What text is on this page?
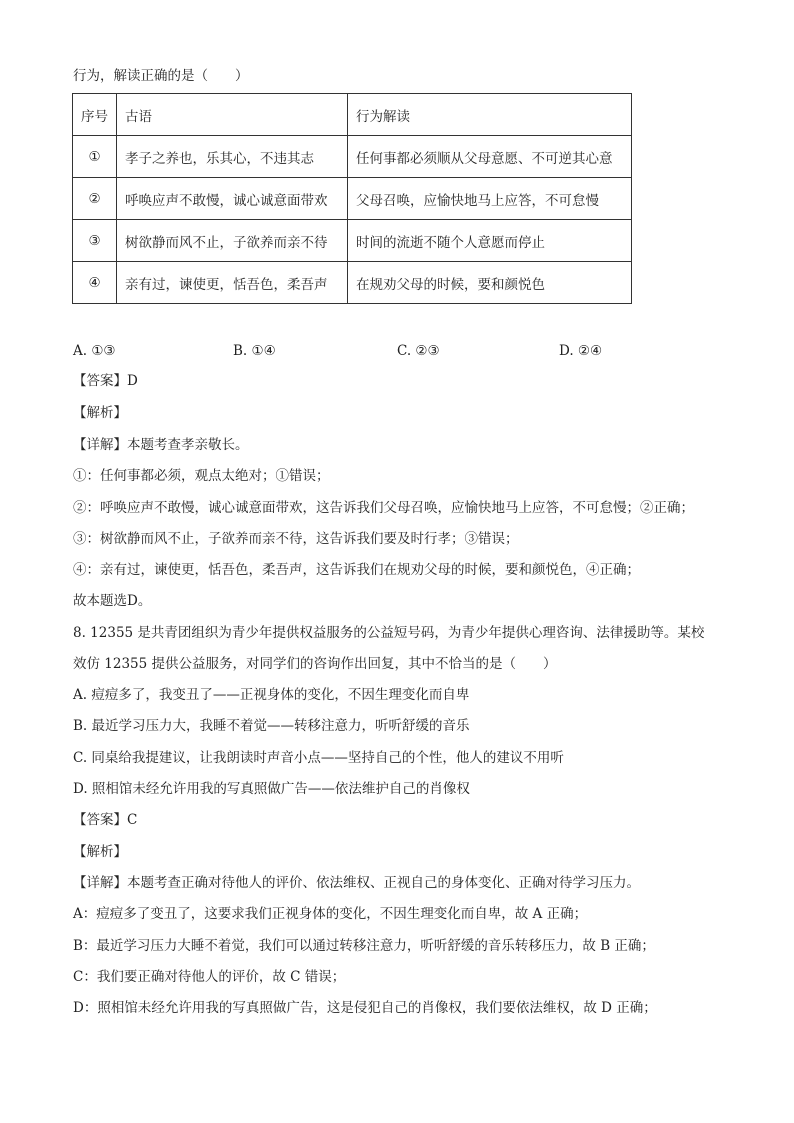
行为，解读正确的是（　　）
序号	古语	行为解读
①	孝子之养也，乐其心，不违其志	任何事都必须顺从父母意愿、不可逆其心意
②	呼唤应声不敢慢，诚心诚意面带欢	父母召唤，应愉快地马上应答，不可怠慢
③	树欲静而风不止，子欲养而亲不待	时间的流逝不随个人意愿而停止
④	亲有过，谏使更，恬吾色，柔吾声	在规劝父母的时候，要和颜悦色
A. ①③	B. ①④	C. ②③	D. ②④
【答案】D
【解析】
【详解】本题考查孝亲敬长。
①：任何事都必须，观点太绝对；①错误；
②：呼唤应声不敢慢，诚心诚意面带欢，这告诉我们父母召唤，应愉快地马上应答，不可怠慢；②正确；
③：树欲静而风不止，子欲养而亲不待，这告诉我们要及时行孝；③错误；
④：亲有过，谏使更，恬吾色，柔吾声，这告诉我们在规劝父母的时候，要和颜悦色，④正确；
故本题选D。
8. 12355 是共青团组织为青少年提供权益服务的公益短号码，为青少年提供心理咨询、法律援助等。某校
效仿 12355 提供公益服务，对同学们的咨询作出回复，其中不恰当的是（　　）
A. 痘痘多了，我变丑了——正视身体的变化，不因生理变化而自卑
B. 最近学习压力大，我睡不着觉——转移注意力，听听舒缓的音乐
C. 同桌给我提建议，让我朗读时声音小点——坚持自己的个性，他人的建议不用听
D. 照相馆未经允许用我的写真照做广告——依法维护自己的肖像权
【答案】C
【解析】
【详解】本题考查正确对待他人的评价、依法维权、正视自己的身体变化、正确对待学习压力。
A：痘痘多了变丑了，这要求我们正视身体的变化，不因生理变化而自卑，故 A 正确；
B：最近学习压力大睡不着觉，我们可以通过转移注意力，听听舒缓的音乐转移压力，故 B 正确；
C：我们要正确对待他人的评价，故 C 错误；
D：照相馆未经允许用我的写真照做广告，这是侵犯自己的肖像权，我们要依法维权，故 D 正确；
